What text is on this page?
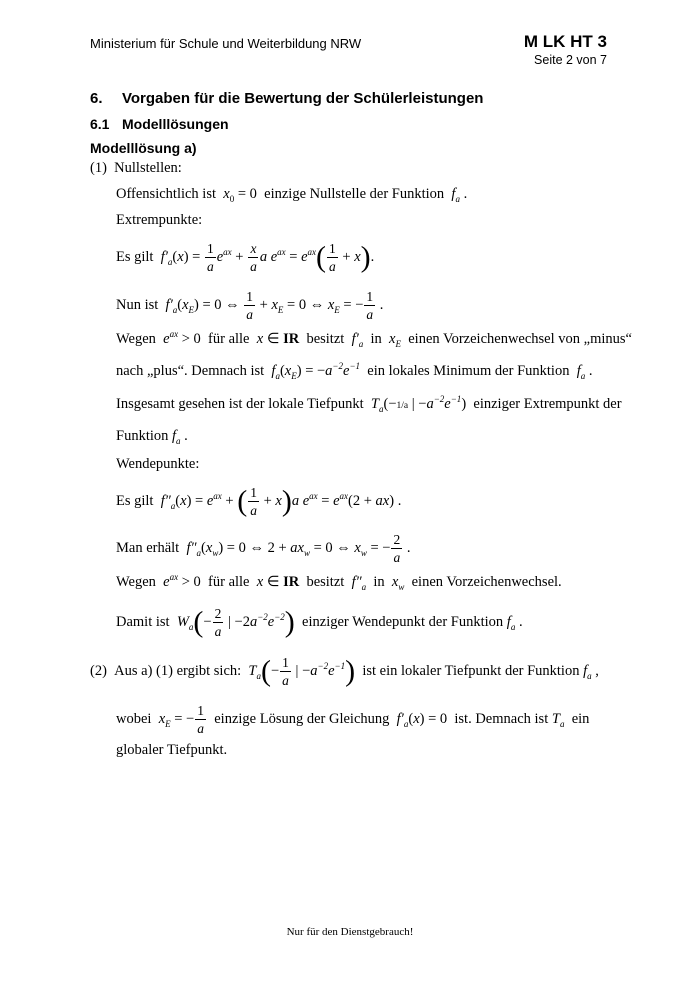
Ministerium für Schule und Weiterbildung NRW	M LK HT 3
Seite 2 von 7
6. Vorgaben für die Bewertung der Schülerleistungen
6.1 Modelllösungen
Modelllösung a)
(1) Nullstellen:
Offensichtlich ist $x_0 = 0$ einzige Nullstelle der Funktion $f_a$ .
Extrempunkte:
Es gilt $f'_a(x) = \frac{1}{a} e^{ax} + \frac{x}{a}$ a $e^{ax} = e^{ax}( \frac{1}{a} + x)$.
Nun ist $f'_a(x_E) = 0$ ⇔ $\frac{1}{a} + x_E = 0$ ⇔ $x_E$ = − $\frac{1}{a}$ .
Wegen $e^{ax} > 0$  für alle x ∈ IR besitzt $f'_a$ in $x_E$ einen Vorzeichenwechsel von „minus“
nach „plus“. Demnach ist $f_a(x_E) = -a^{-2}e^{-1}$ ein lokales Minimum der Funktion $f_a$ .
Insgesamt gesehen ist der lokale Tiefpunkt $T_a(-1/a$ | $-a^{-2}e^{-1}$) einziger Extrempunkt der
Funktion $f_a$ .
Wendepunkte:
Es gilt $f''_a(x) = e^{ax}$ + ( $\frac{1}{a} + x)a$ $e^{ax} = e^{ax}(2 + ax)$ .
Man erhält $f''_a(x_w) = 0$ ⇔ $2 + ax_w = 0$ ⇔ $x_w$ = − $\frac{2}{a}$ .
Wegen $e^{ax} > 0$  für alle x ∈ IR besitzt $f''_a$ in $x_w$ einen Vorzeichenwechsel.
Damit ist $W_a(- \frac{2}{a}$ | $-2a^{-2}e^{-2}$) einziger Wendepunkt der Funktion $f_a$ .
(2) Aus a) (1) ergibt sich: $T_a(- \frac{1}{a}$ | $-a^{-2}e^{-1}$) ist ein lokaler Tiefpunkt der Funktion $f_a$ ,
wobei $x_E$ = − $\frac{1}{a}$ einzige Lösung der Gleichung $f'_a(x) = 0$ ist. Demnach ist $T_a$ ein
globaler Tiefpunkt.
Nur für den Dienstgebrauch!
